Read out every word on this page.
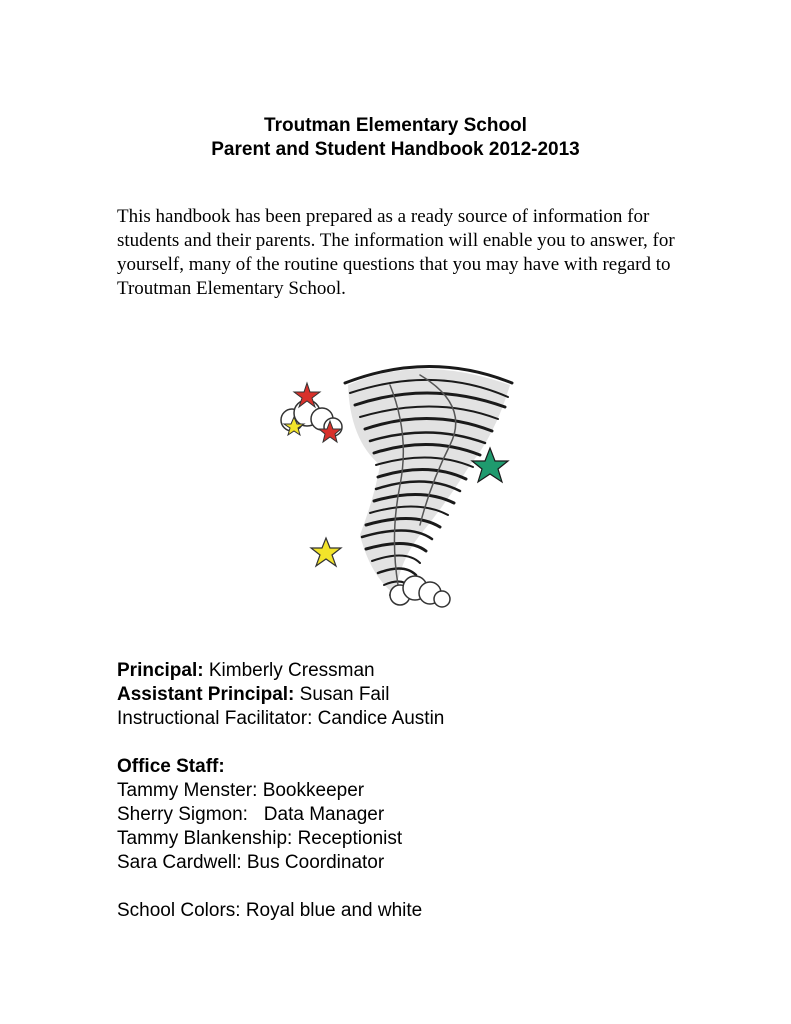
Troutman Elementary School
Parent and Student Handbook 2012-2013
This handbook has been prepared as a ready source of information for students and their parents. The information will enable you to answer, for yourself, many of the routine questions that you may have with regard to Troutman Elementary School.
Principal: Kimberly Cressman
Assistant Principal: Susan Fail
Instructional Facilitator: Candice Austin
Office Staff:
Tammy Menster: Bookkeeper
Sherry Sigmon:   Data Manager
Tammy Blankenship: Receptionist
Sara Cardwell: Bus Coordinator
School Colors: Royal blue and white
